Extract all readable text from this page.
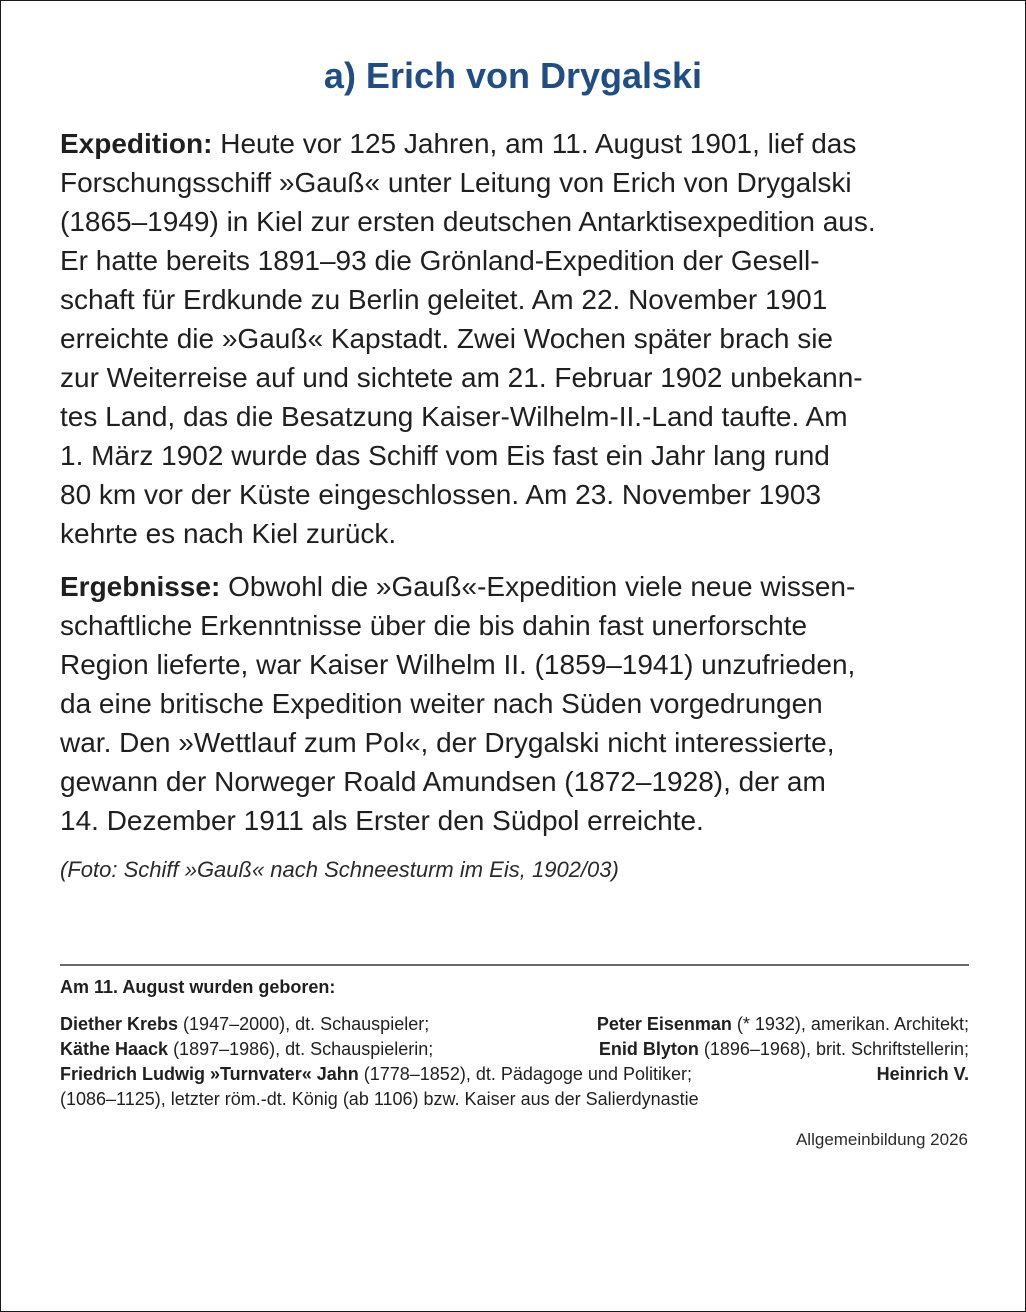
a) Erich von Drygalski

Expedition: Heute vor 125 Jahren, am 11. August 1901, lief das
Forschungsschiff »Gauß« unter Leitung von Erich von Drygalski
(1865–1949) in Kiel zur ersten deutschen Antarktisexpedition aus.
Er hatte bereits 1891–93 die Grönland-Expedition der Gesell-
schaft für Erdkunde zu Berlin geleitet. Am 22. November 1901
erreichte die »Gauß« Kapstadt. Zwei Wochen später brach sie
zur Weiterreise auf und sichtete am 21. Februar 1902 unbekann-
tes Land, das die Besatzung Kaiser-Wilhelm-II.-Land taufte. Am
1. März 1902 wurde das Schiff vom Eis fast ein Jahr lang rund
80 km vor der Küste eingeschlossen. Am 23. November 1903
kehrte es nach Kiel zurück.

Ergebnisse: Obwohl die »Gauß«-Expedition viele neue wissen-
schaftliche Erkenntnisse über die bis dahin fast unerforschte
Region lieferte, war Kaiser Wilhelm II. (1859–1941) unzufrieden,
da eine britische Expedition weiter nach Süden vorgedrungen
war. Den »Wettlauf zum Pol«, der Drygalski nicht interessierte,
gewann der Norweger Roald Amundsen (1872–1928), der am
14. Dezember 1911 als Erster den Südpol erreichte.

(Foto: Schiff »Gauß« nach Schneesturm im Eis, 1902/03)

Am 11. August wurden geboren:

Diether Krebs (1947–2000), dt. Schauspieler;	Peter Eisenman (* 1932), amerikan. Architekt;
Käthe Haack (1897–1986), dt. Schauspielerin;	Enid Blyton (1896–1968), brit. Schriftstellerin;
Friedrich Ludwig »Turnvater« Jahn (1778–1852), dt. Pädagoge und Politiker;	Heinrich V.
(1086–1125), letzter röm.-dt. König (ab 1106) bzw. Kaiser aus der Salierdynastie

Allgemeinbildung 2026
